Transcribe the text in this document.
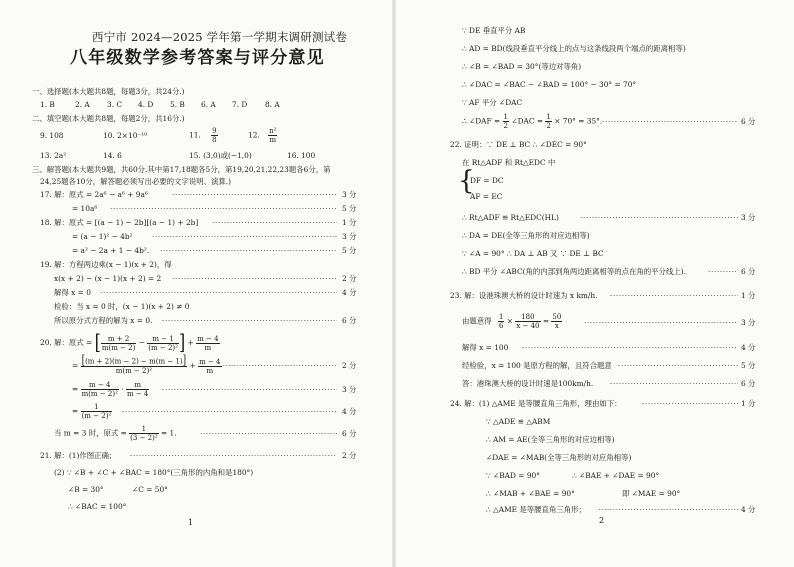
西宁市 2024—2025 学年第一学期末调研测试卷
八年级数学参考答案与评分意见
一、选择题(本大题共8题，每题3分，共24分.)
1. B	2. A 3. C 4. D 5. B 6. A 7. D 8. A
二、填空题(本大题共8题，每题2分，共16分.)
9. 108	10. 2×10⁻¹⁰	11. $\frac{9}{8}$	12. $\frac{\text{n²}}{m}$
13. 2a²	14. 6	15. (3,0)或(−1,0)	16. 100
三、解答题(本大题共9题，共60分.其中第17,18题各5分，第19,20,21,22,23题各6分，第
24,25题各10分，解答题必须写出必要的文字说明、演算.)
17. 解：原式 = 2a⁶ − a⁶ + 9a⁶ ·····	3 分
= 10a⁶ ·····	5 分
18. 解：原式 = [(a − 1) − 2b][(a − 1) + 2b] ·····	1 分
= (a − 1)² − 4b² ·····	3 分
= a² − 2a + 1 − 4b². ·····	5 分
19. 解：方程两边乘(x − 1)(x + 2)，得
x(x + 2) − (x − 1)(x + 2) = 2 ·····	2 分
解得 x = 0 ·····	4 分
检验：当 x = 0 时，(x − 1)(x + 2) ≠ 0
所以原分式方程的解为 x = 0. ·····	6 分
20. 解：原式 = [ $\frac{m + 2}{m(m - 2)} - \frac{m - 1}{\text{(m − 2)²}}$ ] + $\frac{m - 4}{m}$
= $\frac{[(m + 2)(m - 2) - m(m - 1)]}{\text{m(m − 2)²}} + \frac{m - 4}{m}$ ·····	2 分
= $\frac{m - 4}{\text{m(m − 2)²}} \cdot \frac{m}{m - 4}$ ·····	3 分
= $\frac{1}{\text{(m − 2)²}}$ ·····	4 分
当 m = 3 时，原式 = $\frac{1}{\text{(3 − 2)²}} = 1$. ·····	6 分
21. 解：(1)作图正确； ·····	2 分
(2) ∵ ∠B + ∠C + ∠BAC = 180°(三角形的内角和是180°)
∠B = 30°	∠C = 50°
∴ ∠BAC = 100°
1
∵ DE 垂直平分 AB
∴ AD = BD(线段垂直平分线上的点与这条线段两个端点的距离相等)
∴ ∠B = ∠BAD = 30°(等边对等角)
∴ ∠DAC = ∠BAC − ∠BAD = 100° − 30° = 70°
∵ AF 平分 ∠DAC
∴ ∠DAF = $\frac{1}{2}$ ∠DAC = $\frac{1}{2} \times 70^\circ = 35^\circ$. ·····	6 分
22. 证明：∵ DE ⊥ BC ∴ ∠DEC = 90°
在 Rt△ADF 和 Rt△EDC 中
{
DF = DC
AF = EC
∴ Rt△ADF ≌ Rt△EDC(HL) ·····	3 分
∴ DA = DE(全等三角形的对应边相等)
∵ ∠A = 90° ∴ DA ⊥ AB 又 ∵ DE ⊥ BC
∴ BD 平分 ∠ABC(角的内部到角两边距离相等的点在角的平分线上). ·····	6 分
23. 解：设港珠澳大桥的设计时速为 x km/h. ·····	1 分
由题意得 $\frac{1}{6} \times \frac{180}{x - 40} = \frac{50}{x}$ ·····	3 分
解得 x = 100 ·····	4 分
经检验，x = 100 是原方程的解，且符合题意 ·····	5 分
答：港珠澳大桥的设计时速是100km/h. ·····	6 分
24. 解：(1) △AME 是等腰直角三角形，理由如下： ·····	1 分
∵ △ADE ≌ △ABM
∴ AM = AE(全等三角形的对应边相等)
∠DAE = ∠MAB(全等三角形的对应角相等)
∵ ∠BAD = 90°	∴ ∠BAE + ∠DAE = 90°
∴ ∠MAB + ∠BAE = 90°	即 ∠MAE = 90°
∴ △AME 是等腰直角三角形； ·····	4 分
2
